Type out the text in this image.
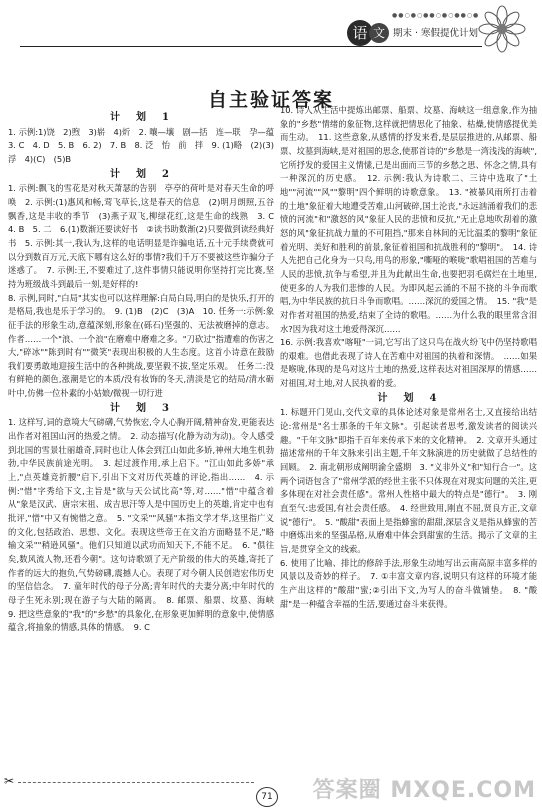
●●○●○●●○●○●●○●
语 文 期末 · 寒假提优计划
自主验证答案
计　划　1

1. 示例:1)饶　2)煦　3)崭　4)炘　2. 嚷—壤　剧—括　连—联　孕—蕴　3. C　4. D　5. B　6. 2)　7. B　8. 泛　怡　前　拌　9. (1)略　(2)(3)浮　4)(C)　(5)B

计　划　2

1. 示例:飘飞的雪花是对秋天萧瑟的告别　亭亭的荷叶是对春天生命的呼唤　2. 示例:(1)惠风和畅,莺飞草长,这是春天的信息　(2)明月朗照,五谷飘香,这是丰收的季节　(3)燕子双飞,柳绿花红,这是生命的线熟　3. C　4. B　5. 二　6.(1)数渐还要读好书　②读书助数渐(2)只要做到读经典好书　5. 示例:其一,我认为,这样的电话明显是诈骗电话,五十元手续费就可以分到数百万元,天底下哪有这么好的事情?我们千万不要被这些诈骗分子迷惑了。　7. 示例:王,不要难过了,这件事情只能说明你坚持打完比赛,坚持为班级战斗到最后一刻,是好样的!

8. 示例,同时,"白局"其实也可以这样理解:白局白局,明白的是快乐,打开的是格局,我也是乐于学习的。　9. (1)B　(2)C　(3)A　10. 任务一:示例:象征手法的形象生动,意蕴深刻,形象在(砾石)坚强的、无法被磨掉的意志。作者……一个"浪、一个浪"在磨难中磨难之多。"刀砍过"指遭难的伤害之大,"碎冰""陈到时有""微笑"表现出积极的人生态度。这首小诗意在鼓励我们要勇敢地迎接生活中的各种挑战,要坚毅不拔,坚定乐观。　任务二:没有鲜艳的颜色,涨潮是它的本质/没有妆饰的冬天,清淡是它的结局/清水砺叶中,仿佛一位朴素的小姑娘/微视一切行进

计　划　3

1. 这样写,词的意境大气磅礴,气势恢宏,令人心胸开阔,精神奋发,更能表达出作者对祖国山河的热爱之情。　2. 动态描写(化静为动为动)。令人感受到北国的雪景壮丽雄奇,同时也让人体会到江山如此多娇,神州大地生机勃勃,中华民族前途光明。　3. 起过渡作用,承上启下。"江山如此多娇"承上,"点英雄竞折腰"启下,引出下文对历代英雄的评论,指出……　4. 示例:"惜"字秀给下文,主旨是"欲与天公试比高"等,对……"惜"中蕴含着从"象是汉武、唐宗宋祖、成吉思汗等人是中国历史上的英雄,肯定中也有批评,"惜"中又有惋惜之意。　5. "文采""风骚"本指文学才华,这里指广义的文化,包括政治、思想、文化。表现这些帝王在文治方面略显不足,"略输文采""稍逊风骚"。他们只知道以武功而知天下,不能不足。　6. "俱往矣,数风流人物,还看今朝"。这句诗歌颂了无产阶级的伟大的英雄,寄托了作者的远大的抱负,气势磅礴,震撼人心。表现了对今朝人民创造宏伟历史的坚信信念。　7. 童年时代的母子分离;青年时代的夫妻分离;中年时代的母子生死永别;现在游子与大陆的隔离。　8. 邮票、船票、坟墓、海峡　9. 把这些意象的"我"的"乡愁"的具象化,在形象更加鲜明的意象中,使情感蕴含,将抽象的情感,具体的情感。　9. C

10. 诗人从生活中提炼出邮票、船票、坟墓、海峡这一组意象,作为抽象的"乡愁"情绪的象征物,这样就把情思化了抽象、枯燥,使情感提优美而生动。　11. 这些意象,从感情的抒发来看,是层层推进的,从邮票、船票、坟墓到海峡,是对祖国的思念,使那首诗的"乡愁是一湾浅浅的海峡",它所抒发的爱国主义情愫,已是出面而三节的乡愁之思、怀念之情,具有一种深沉的历史感。　12. 示例:我认为诗歌二、三诗中选取了"土地""河流""风""黎明"四个鲜明的诗歌意象。　13. "被暴风雨所打击着的土地"象征着大地遭受苦难,山河破碎,国土沦丧,"永远汹涌着我们的悲愤的河流"和"激怒的风"象征人民的悲愤和反抗,"无止息地吹刮着的激怒的风"象征抗战力量的不可阻挡,"那来自林间的无比温柔的黎明"象征着光明、美好和胜利的前景,象征着祖国和抗战胜利的"黎明"。　14. 诗人先把自己化身为一只鸟,用鸟的形象,"嘶哑的喉咙"歌唱祖国的苦难与人民的悲愤,抗争与希望,并且为此献出生命,也要把羽毛腐烂在土地里,使更多的人为我们悲惨的人民。为即风起云涌的不屈不挠的斗争而歌唱,为中华民族的抗日斗争而歌唱。……深沉的爱国之情。　15. "我"是对作者对祖国的热爱,结束了全诗的歌唱。……为什么我的眼里常含泪水?因为我对这土地爱得深沉……

16. 示例:我喜欢"喀哑"一词,它写出了这只鸟在战火纷飞中仍坚持歌唱的艰难。也借此表现了诗人在苦难中对祖国的执着和深情。　……如果是喉咙,体现的是鸟对这片土地的热爱,这样表达对祖国深厚的情感……对祖国,对土地,对人民执着的爱。

计　划　4

1. 标题开门见山,交代文章的具体论述对象是常州名士,又直接给出结论:常州是"名士那条的千年文脉"。引起读者思考,激发读者的阅读兴趣。"千年文脉"即指千百年来传承下来的文化精神。　2. 文章开头通过描述常州的千年文脉来引出主题,千年文脉演进的历史就做了总结性的回顾。　2. 南北朝形成阐明渝全盛期　3. "义非外义"和"知行合一"。这两个词语包含了"常州学派的经世主张不只体现在对现实问题的关注,更多体现在对社会责任感"。常州人性格中最大的特点是"德行"。　3. 刚直至气:忠爱国,有社会责任感。　4. 经世致用,刚直不屈,贤良方正,文章说"德行"。　5. "酸甜"表面上是指蜂蜜的甜甜,深层含义是指从蜂蜜的苦中磨炼出来的坚强品格,从磨难中体会到甜蜜的生活。揭示了文章的主旨,是贯穿全文的线索。

6. 使用了比喻、排比的修辞手法,形象生动地写出云南高原丰富多样的风景以及奇妙的样子。　7. ①丰富文章内容,说明只有这样的环境才能生产出这样的"酸甜"蜜;②引出下文,为写人的奋斗做铺垫。　8. "酸甜"是一种蕴含幸福的生活,要通过奋斗来获得。

✂
71 答案圈 MXQE.COM
